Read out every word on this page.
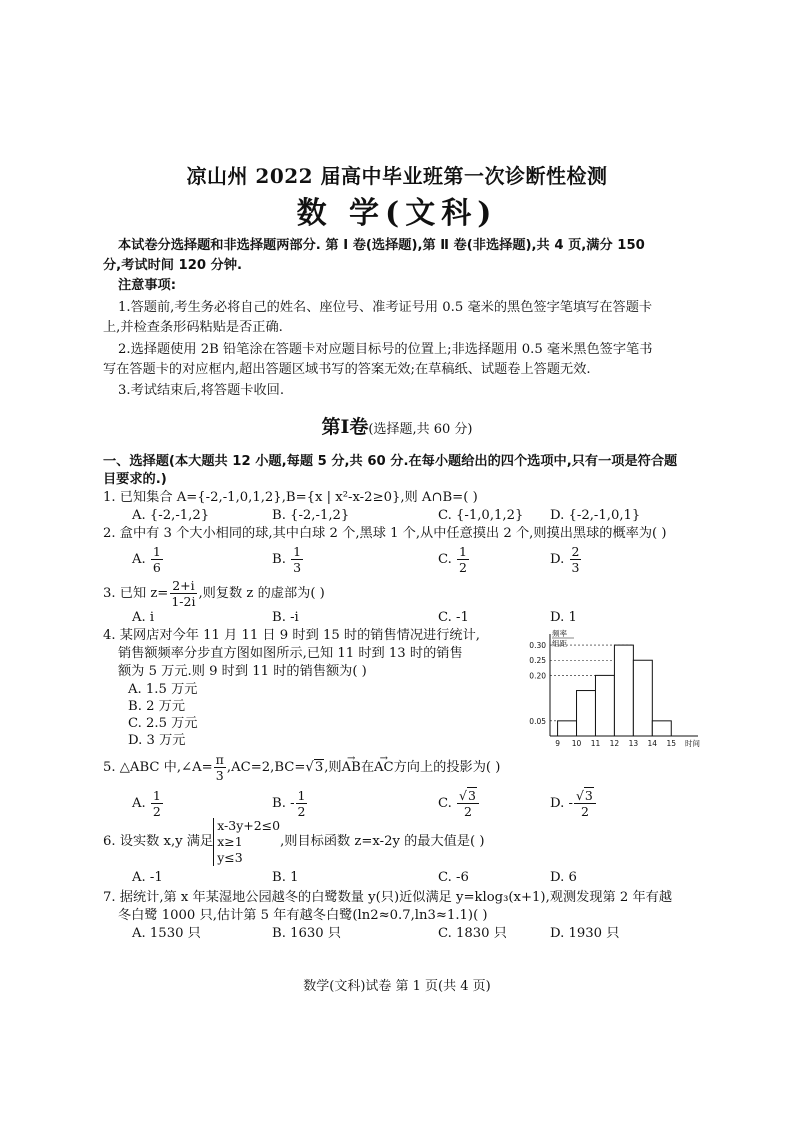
凉山州 2022 届高中毕业班第一次诊断性检测
数 学(文科)
本试卷分选择题和非选择题两部分. 第 Ⅰ 卷(选择题),第 Ⅱ 卷(非选择题),共 4 页,满分 150
分,考试时间 120 分钟.
注意事项:
1.答题前,考生务必将自己的姓名、座位号、准考证号用 0.5 毫米的黑色签字笔填写在答题卡
上,并检查条形码粘贴是否正确.
2.选择题使用 2B 铅笔涂在答题卡对应题目标号的位置上;非选择题用 0.5 毫米黑色签字笔书
写在答题卡的对应框内,超出答题区域书写的答案无效;在草稿纸、试题卷上答题无效.
3.考试结束后,将答题卡收回.
第Ⅰ卷(选择题,共 60 分)
一、选择题(本大题共 12 小题,每题 5 分,共 60 分.在每小题给出的四个选项中,只有一项是符合题
目要求的.)
1. 已知集合 A={-2,-1,0,1,2},B={x | x²-x-2≥0},则 A∩B=( )
A. {-2,-1,2}	B. {-2,-1,2}	C. {-1,0,1,2} D. {-2,-1,0,1}
2. 盒中有 3 个大小相同的球,其中白球 2 个,黑球 1 个,从中任意摸出 2 个,则摸出黑球的概率为( )
A. $\frac{1}{6}$	B. $\frac{1}{3}$	C. $\frac{1}{2}$	D. $\frac{2}{3}$
3. 已知 $z= \frac{2+i}{1-2i}$ ,则复数 z 的虚部为( )
A. i	B. -i	C. -1	D. 1
4. 某网店对今年 11 月 11 日 9 时到 15 时的销售情况进行统计,
销售额频率分步直方图如图所示,已知 11 时到 13 时的销售
额为 5 万元.则 9 时到 11 时的销售额为( )
A. 1.5 万元
B. 2 万元
C. 2.5 万元
D. 3 万元
0.05
0.20
0.25
0.30
9 10 11 12 13 14 15 时间
频率
组距
5. △ABC 中,∠A= $\frac{\pi}{3} ,AC=2,BC=√3$,则→ AB在→ AC方向上的投影为( )
A. $\frac{1}{2}$	B. - $\frac{1}{2}$	C. $\frac{√3}{2}$	D. - $\frac{√3}{2}$
6. 设实数 x,y 满足
x-3y+2≤0
x≥1
y≤3
,则目标函数 z=x-2y 的最大值是( )
A. -1	B. 1	C. -6	D. 6
7. 据统计,第 x 年某湿地公园越冬的白鹭数量 y(只)近似满足 y=klog₃(x+1),观测发现第 2 年有越
冬白鹭 1000 只,估计第 5 年有越冬白鹭(ln2≈0.7,ln3≈1.1)( )
A. 1530 只	B. 1630 只	C. 1830 只	D. 1930 只
数学(文科)试卷 第 1 页(共 4 页)
